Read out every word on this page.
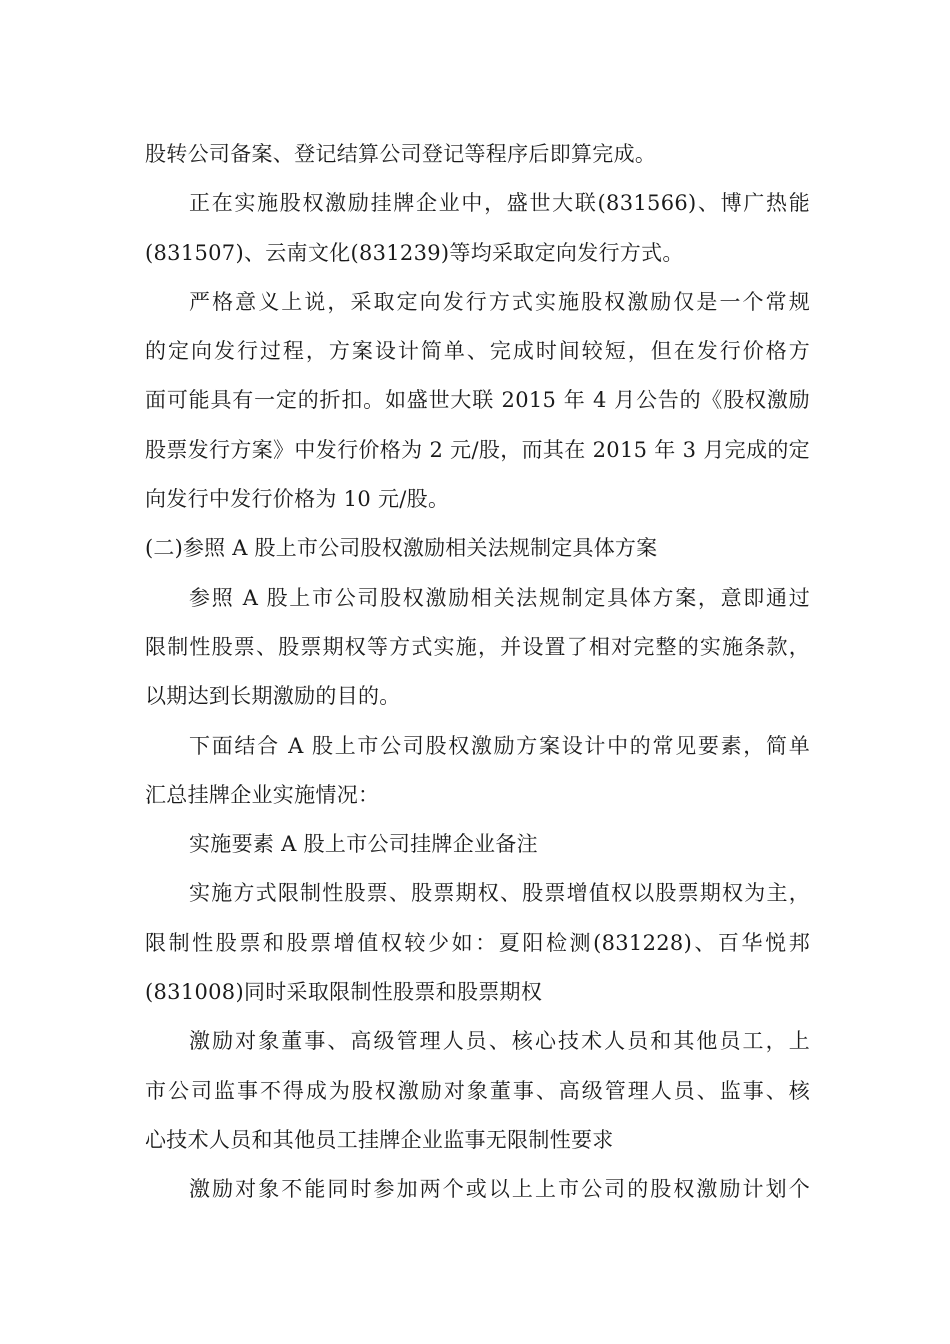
股转公司备案、登记结算公司登记等程序后即算完成。
正在实施股权激励挂牌企业中，盛世大联(831566)、博广热能
(831507)、云南文化(831239)等均采取定向发行方式。
严格意义上说，采取定向发行方式实施股权激励仅是一个常规
的定向发行过程，方案设计简单、完成时间较短，但在发行价格方
面可能具有一定的折扣。如盛世大联 2015 年 4 月公告的《股权激励
股票发行方案》中发行价格为 2 元/股，而其在 2015 年 3 月完成的定
向发行中发行价格为 10 元/股。
(二)参照 A 股上市公司股权激励相关法规制定具体方案
参照 A 股上市公司股权激励相关法规制定具体方案，意即通过
限制性股票、股票期权等方式实施，并设置了相对完整的实施条款，
以期达到长期激励的目的。
下面结合 A 股上市公司股权激励方案设计中的常见要素，简单
汇总挂牌企业实施情况：
实施要素 A 股上市公司挂牌企业备注
实施方式限制性股票、股票期权、股票增值权以股票期权为主，
限制性股票和股票增值权较少如：夏阳检测(831228)、百华悦邦
(831008)同时采取限制性股票和股票期权
激励对象董事、高级管理人员、核心技术人员和其他员工，上
市公司监事不得成为股权激励对象董事、高级管理人员、监事、核
心技术人员和其他员工挂牌企业监事无限制性要求
激励对象不能同时参加两个或以上上市公司的股权激励计划个
